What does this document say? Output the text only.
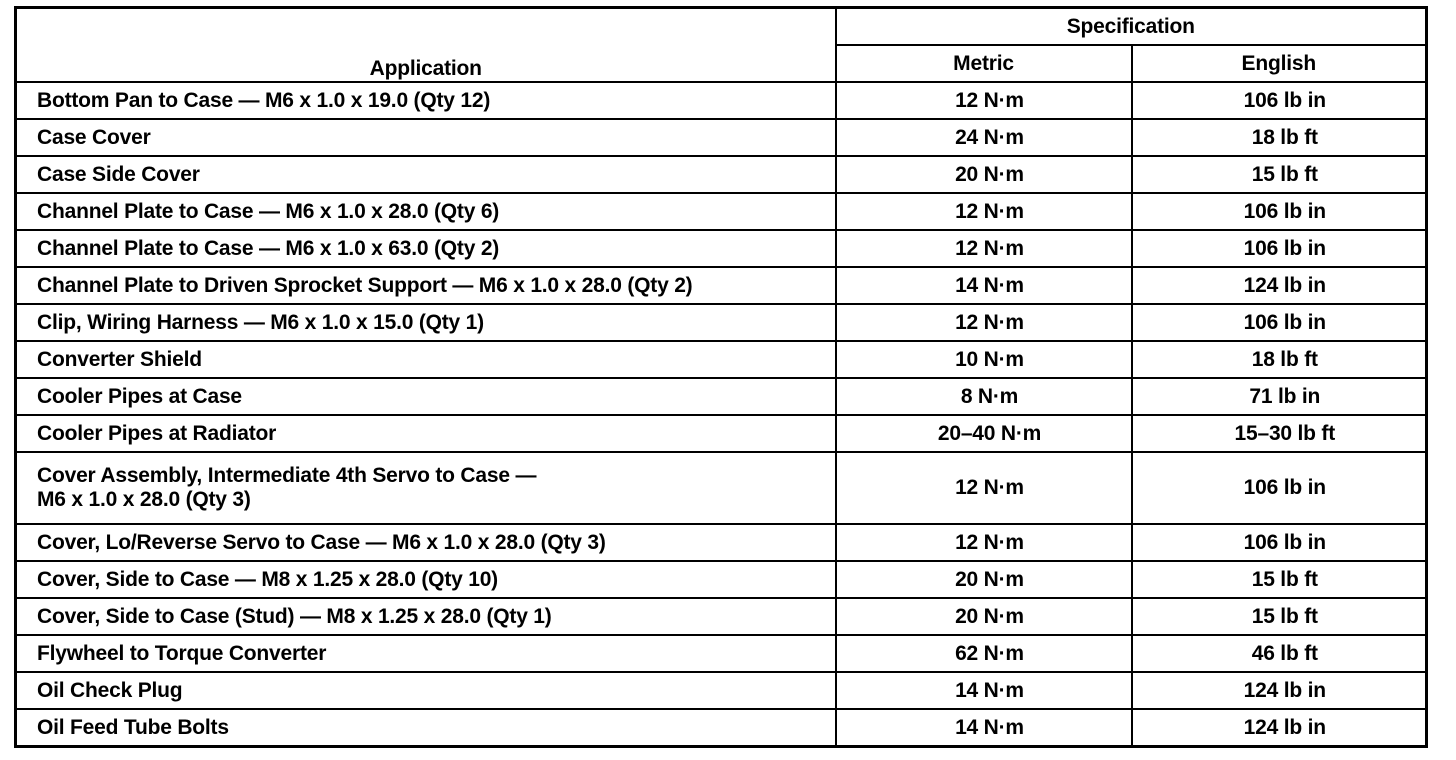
Application	Specification	
	Metric	English
Bottom Pan to Case — M6 x 1.0 x 19.0 (Qty 12)	12 N·m	106 lb in
Case Cover	24 N·m	18 lb ft
Case Side Cover	20 N·m	15 lb ft
Channel Plate to Case — M6 x 1.0 x 28.0 (Qty 6)	12 N·m	106 lb in
Channel Plate to Case — M6 x 1.0 x 63.0 (Qty 2)	12 N·m	106 lb in
Channel Plate to Driven Sprocket Support — M6 x 1.0 x 28.0 (Qty 2)	14 N·m	124 lb in
Clip, Wiring Harness — M6 x 1.0 x 15.0 (Qty 1)	12 N·m	106 lb in
Converter Shield	10 N·m	18 lb ft
Cooler Pipes at Case	8 N·m	71 lb in
Cooler Pipes at Radiator	20–40 N·m	15–30 lb ft

Cover Assembly, Intermediate 4th Servo to Case —
M6 x 1.0 x 28.0 (Qty 3)	12 N·m	106 lb in
Cover, Lo/Reverse Servo to Case — M6 x 1.0 x 28.0 (Qty 3)	12 N·m	106 lb in
Cover, Side to Case — M8 x 1.25 x 28.0 (Qty 10)	20 N·m	15 lb ft
Cover, Side to Case (Stud) — M8 x 1.25 x 28.0 (Qty 1)	20 N·m	15 lb ft
Flywheel to Torque Converter	62 N·m	46 lb ft
Oil Check Plug	14 N·m	124 lb in
Oil Feed Tube Bolts	14 N·m	124 lb in
